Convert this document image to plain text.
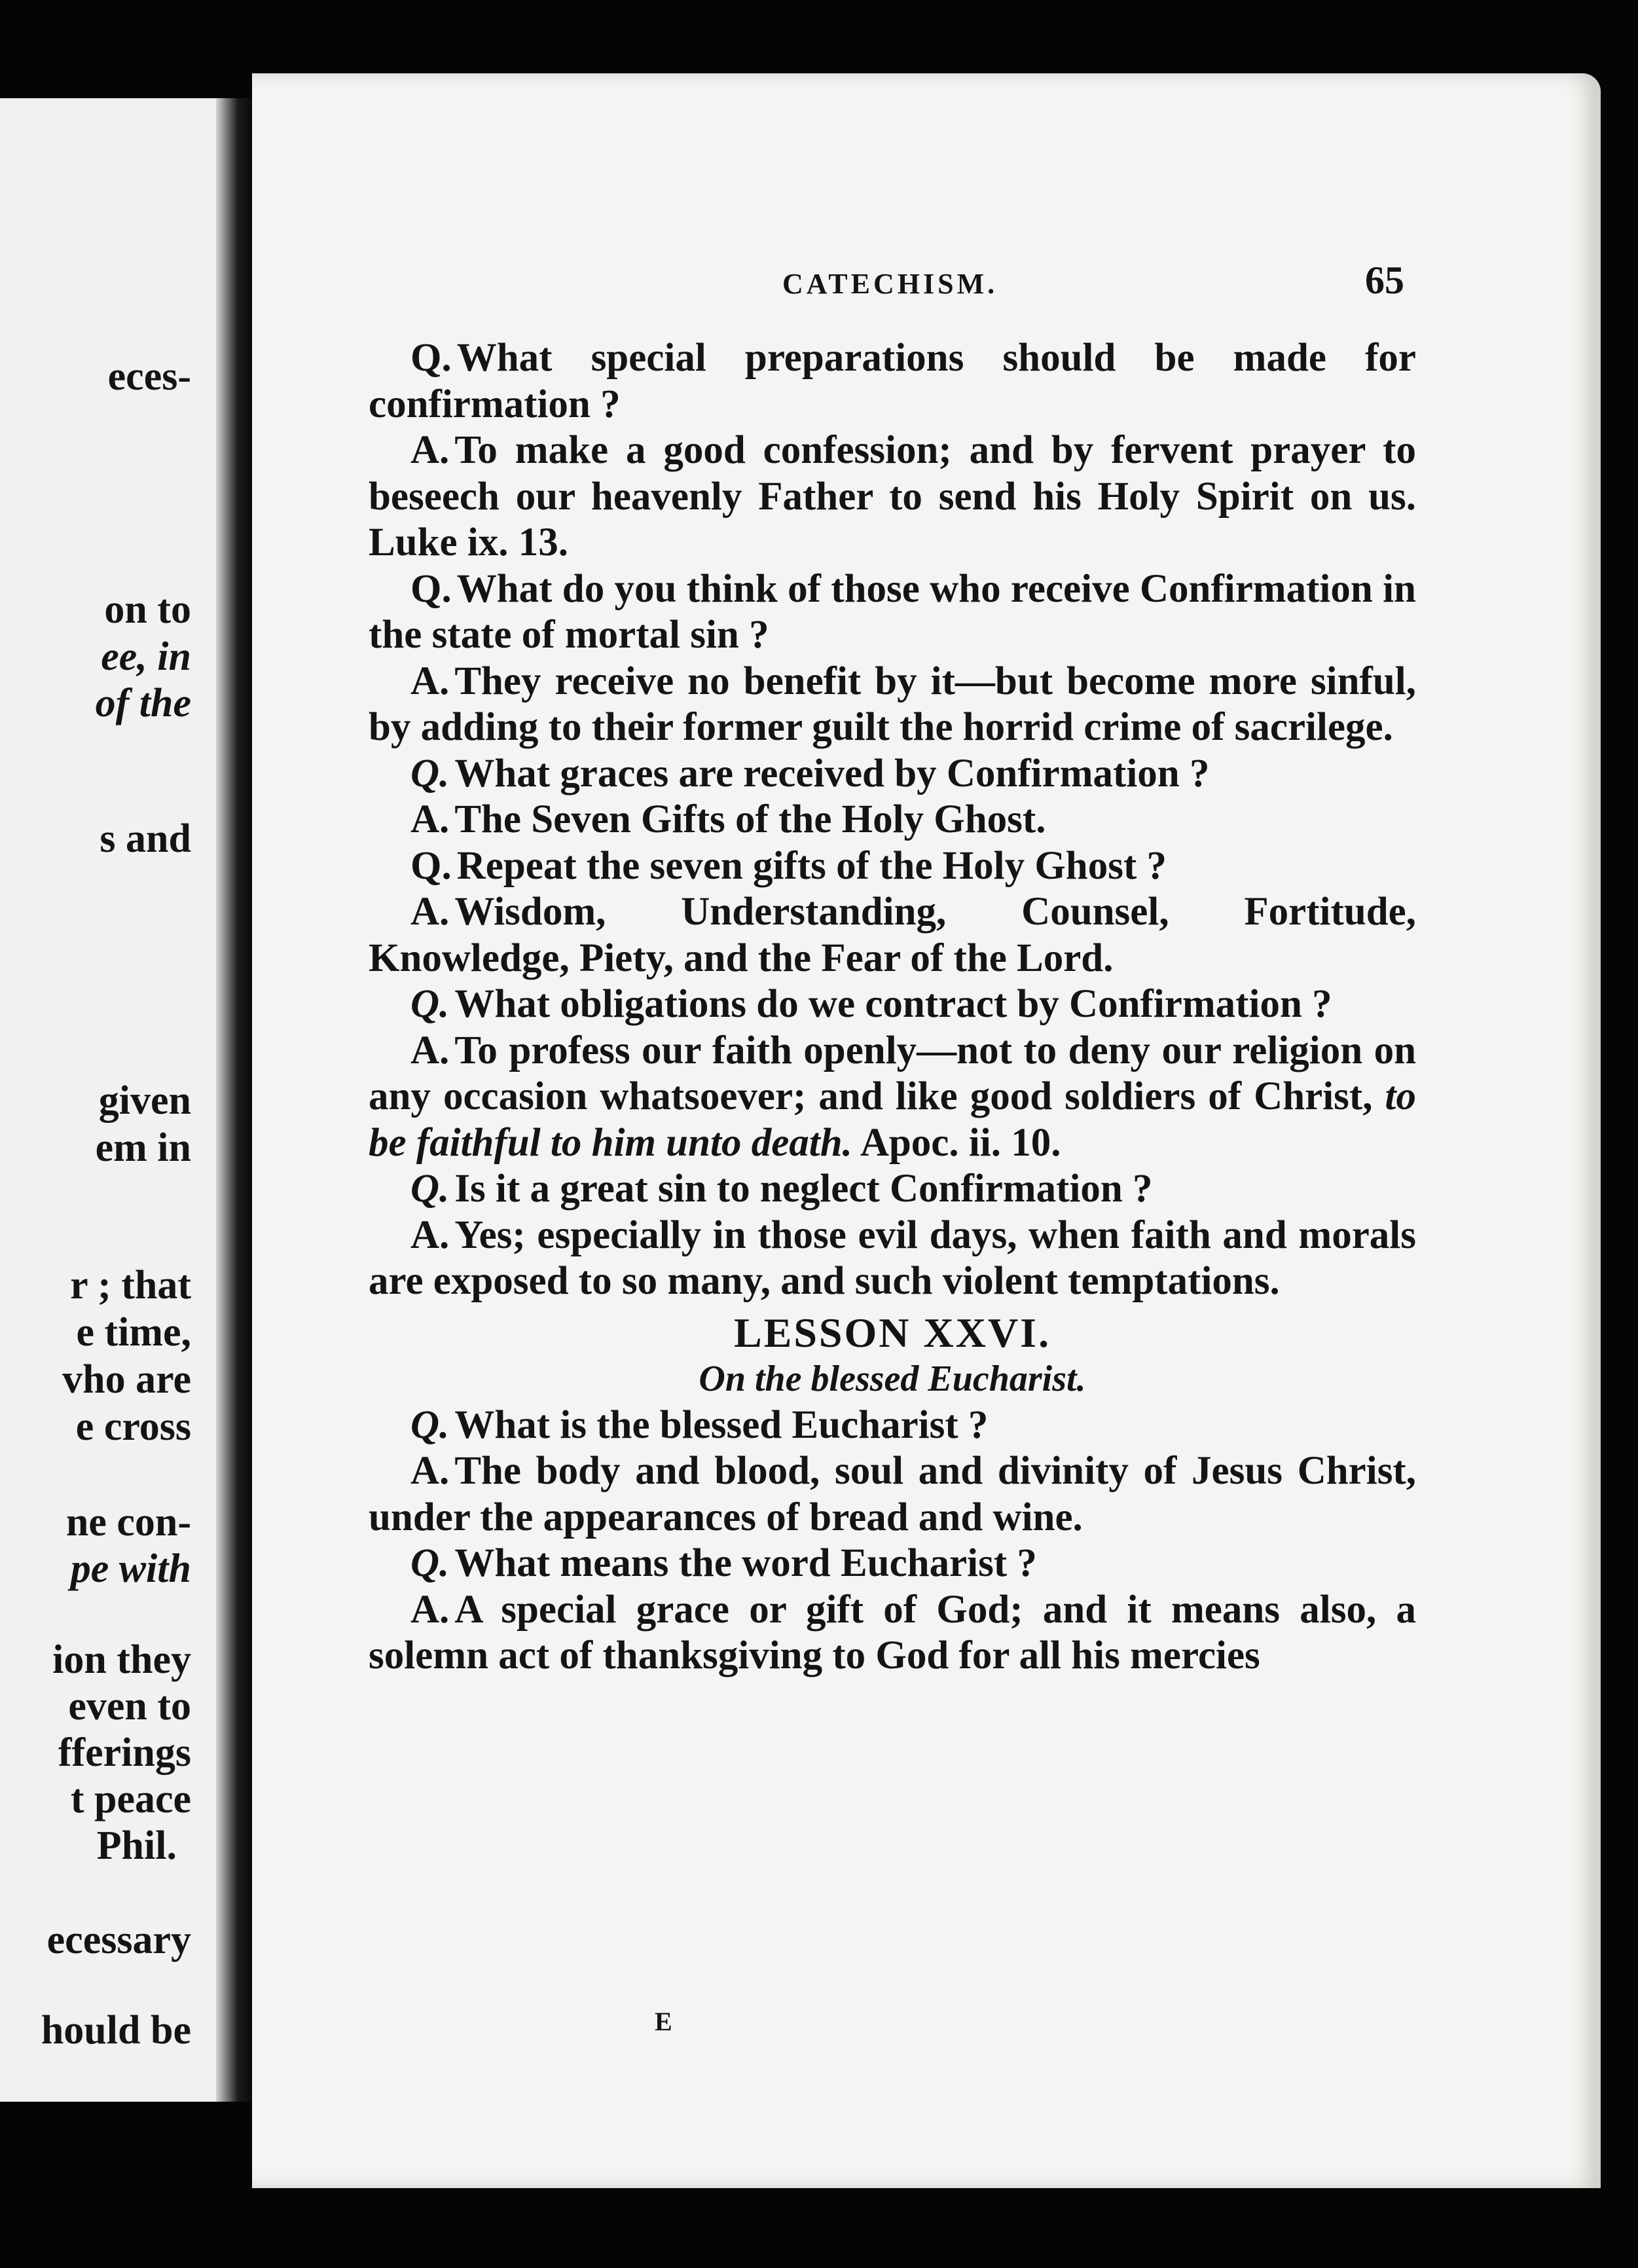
eces-
on to
ee, in
of the
s and
given
em in
r ; that
e time,
vho are
e cross
ne con-
pe with
ion they
even to
fferings
t peace
Phil.
ecessary
hould be
CATECHISM.	65

Q. What special preparations should be made for confirmation ?

A. To make a good confession; and by fervent prayer to beseech our heavenly Father to send his Holy Spirit on us. Luke ix. 13.

Q. What do you think of those who receive Confirmation in the state of mortal sin ?

A. They receive no benefit by it—but become more sinful, by adding to their former guilt the horrid crime of sacrilege.

Q. What graces are received by Confirmation ?

A. The Seven Gifts of the Holy Ghost.

Q. Repeat the seven gifts of the Holy Ghost ?

A. Wisdom, Understanding, Counsel, Fortitude, Knowledge, Piety, and the Fear of the Lord.

Q. What obligations do we contract by Confirmation ?

A. To profess our faith openly—not to deny our religion on any occasion whatsoever; and like good soldiers of Christ, to be faithful to him unto death. Apoc. ii. 10.

Q. Is it a great sin to neglect Confirmation ?

A. Yes; especially in those evil days, when faith and morals are exposed to so many, and such violent temptations.

LESSON XXVI.
On the blessed Eucharist.

Q. What is the blessed Eucharist ?

A. The body and blood, soul and divinity of Jesus Christ, under the appearances of bread and wine.

Q. What means the word Eucharist ?

A. A special grace or gift of God; and it means also, a solemn act of thanksgiving to God for all his mercies

E
